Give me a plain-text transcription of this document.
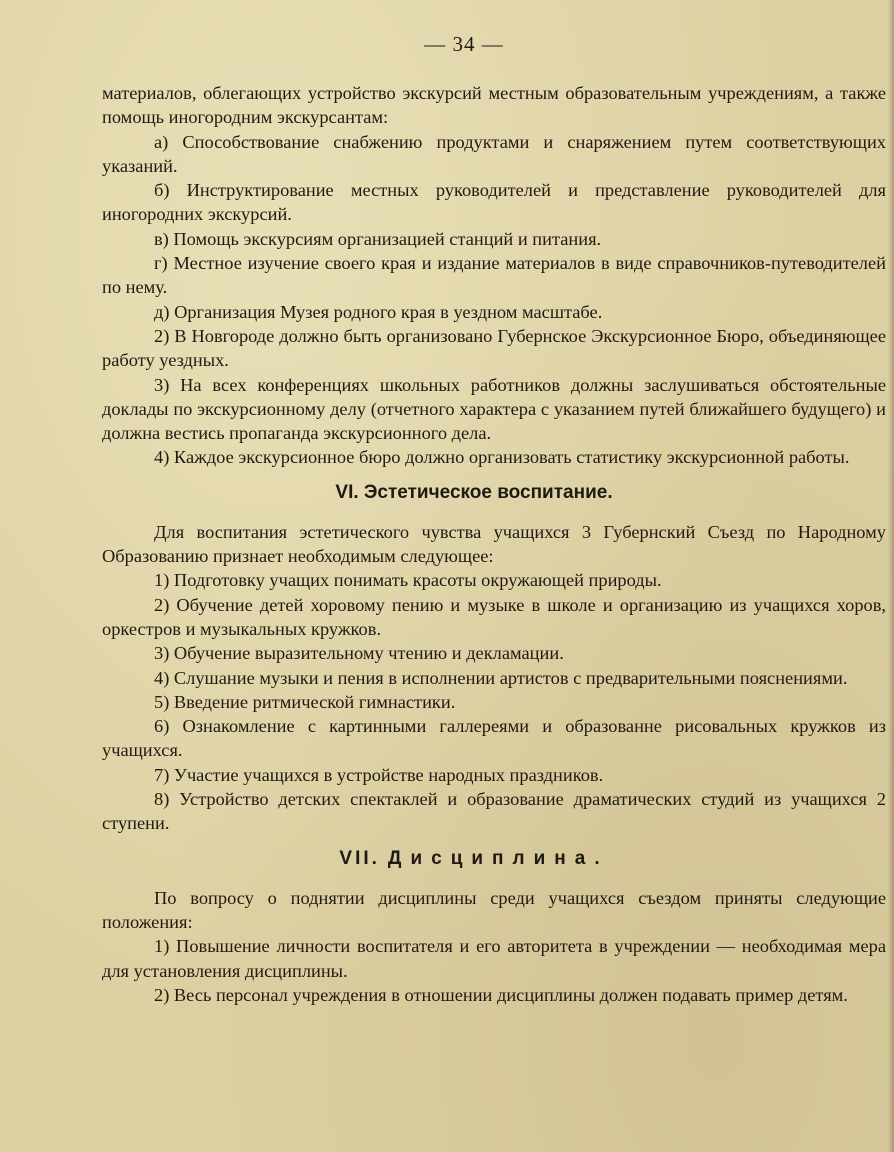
— 34 —

материалов, облегающих устройство экскурсий местным образовательным учреждениям, а также помощь иногородним экскурсантам:

а) Способствование снабжению продуктами и снаряжением путем соответствующих указаний.

б) Инструктирование местных руководителей и представление руководителей для иногородних экскурсий.

в) Помощь экскурсиям организацией станций и питания.

г) Местное изучение своего края и издание материалов в виде справочников-путеводителей по нему.

д) Организация Музея родного края в уездном масштабе.

2) В Новгороде должно быть организовано Губернское Экскурсионное Бюро, объединяющее работу уездных.

3) На всех конференциях школьных работников должны заслушиваться обстоятельные доклады по экскурсионному делу (отчетного характера с указанием путей ближайшего будущего) и должна вестись пропаганда экскурсионного дела.

4) Каждое экскурсионное бюро должно организовать статистику экскурсионной работы.

VI. Эстетическое воспитание.

Для воспитания эстетического чувства учащихся 3 Губернский Съезд по Народному Образованию признает необходимым следующее:

1) Подготовку учащих понимать красоты окружающей природы.

2) Обучение детей хоровому пению и музыке в школе и организацию из учащихся хоров, оркестров и музыкальных кружков.

3) Обучение выразительному чтению и декламации.

4) Слушание музыки и пения в исполнении артистов с предварительными пояснениями.

5) Введение ритмической гимнастики.

6) Ознакомление с картинными галлереями и образованне рисовальных кружков из учащихся.

7) Участие учащихся в устройстве народных праздников.

8) Устройство детских спектаклей и образование драматических студий из учащихся 2 ступени.

VII. Дисциплина.

По вопросу о поднятии дисциплины среди учащихся съездом приняты следующие положения:

1) Повышение личности воспитателя и его авторитета в учреждении — необходимая мера для установления дисциплины.

2) Весь персонал учреждения в отношении дисциплины должен подавать пример детям.
